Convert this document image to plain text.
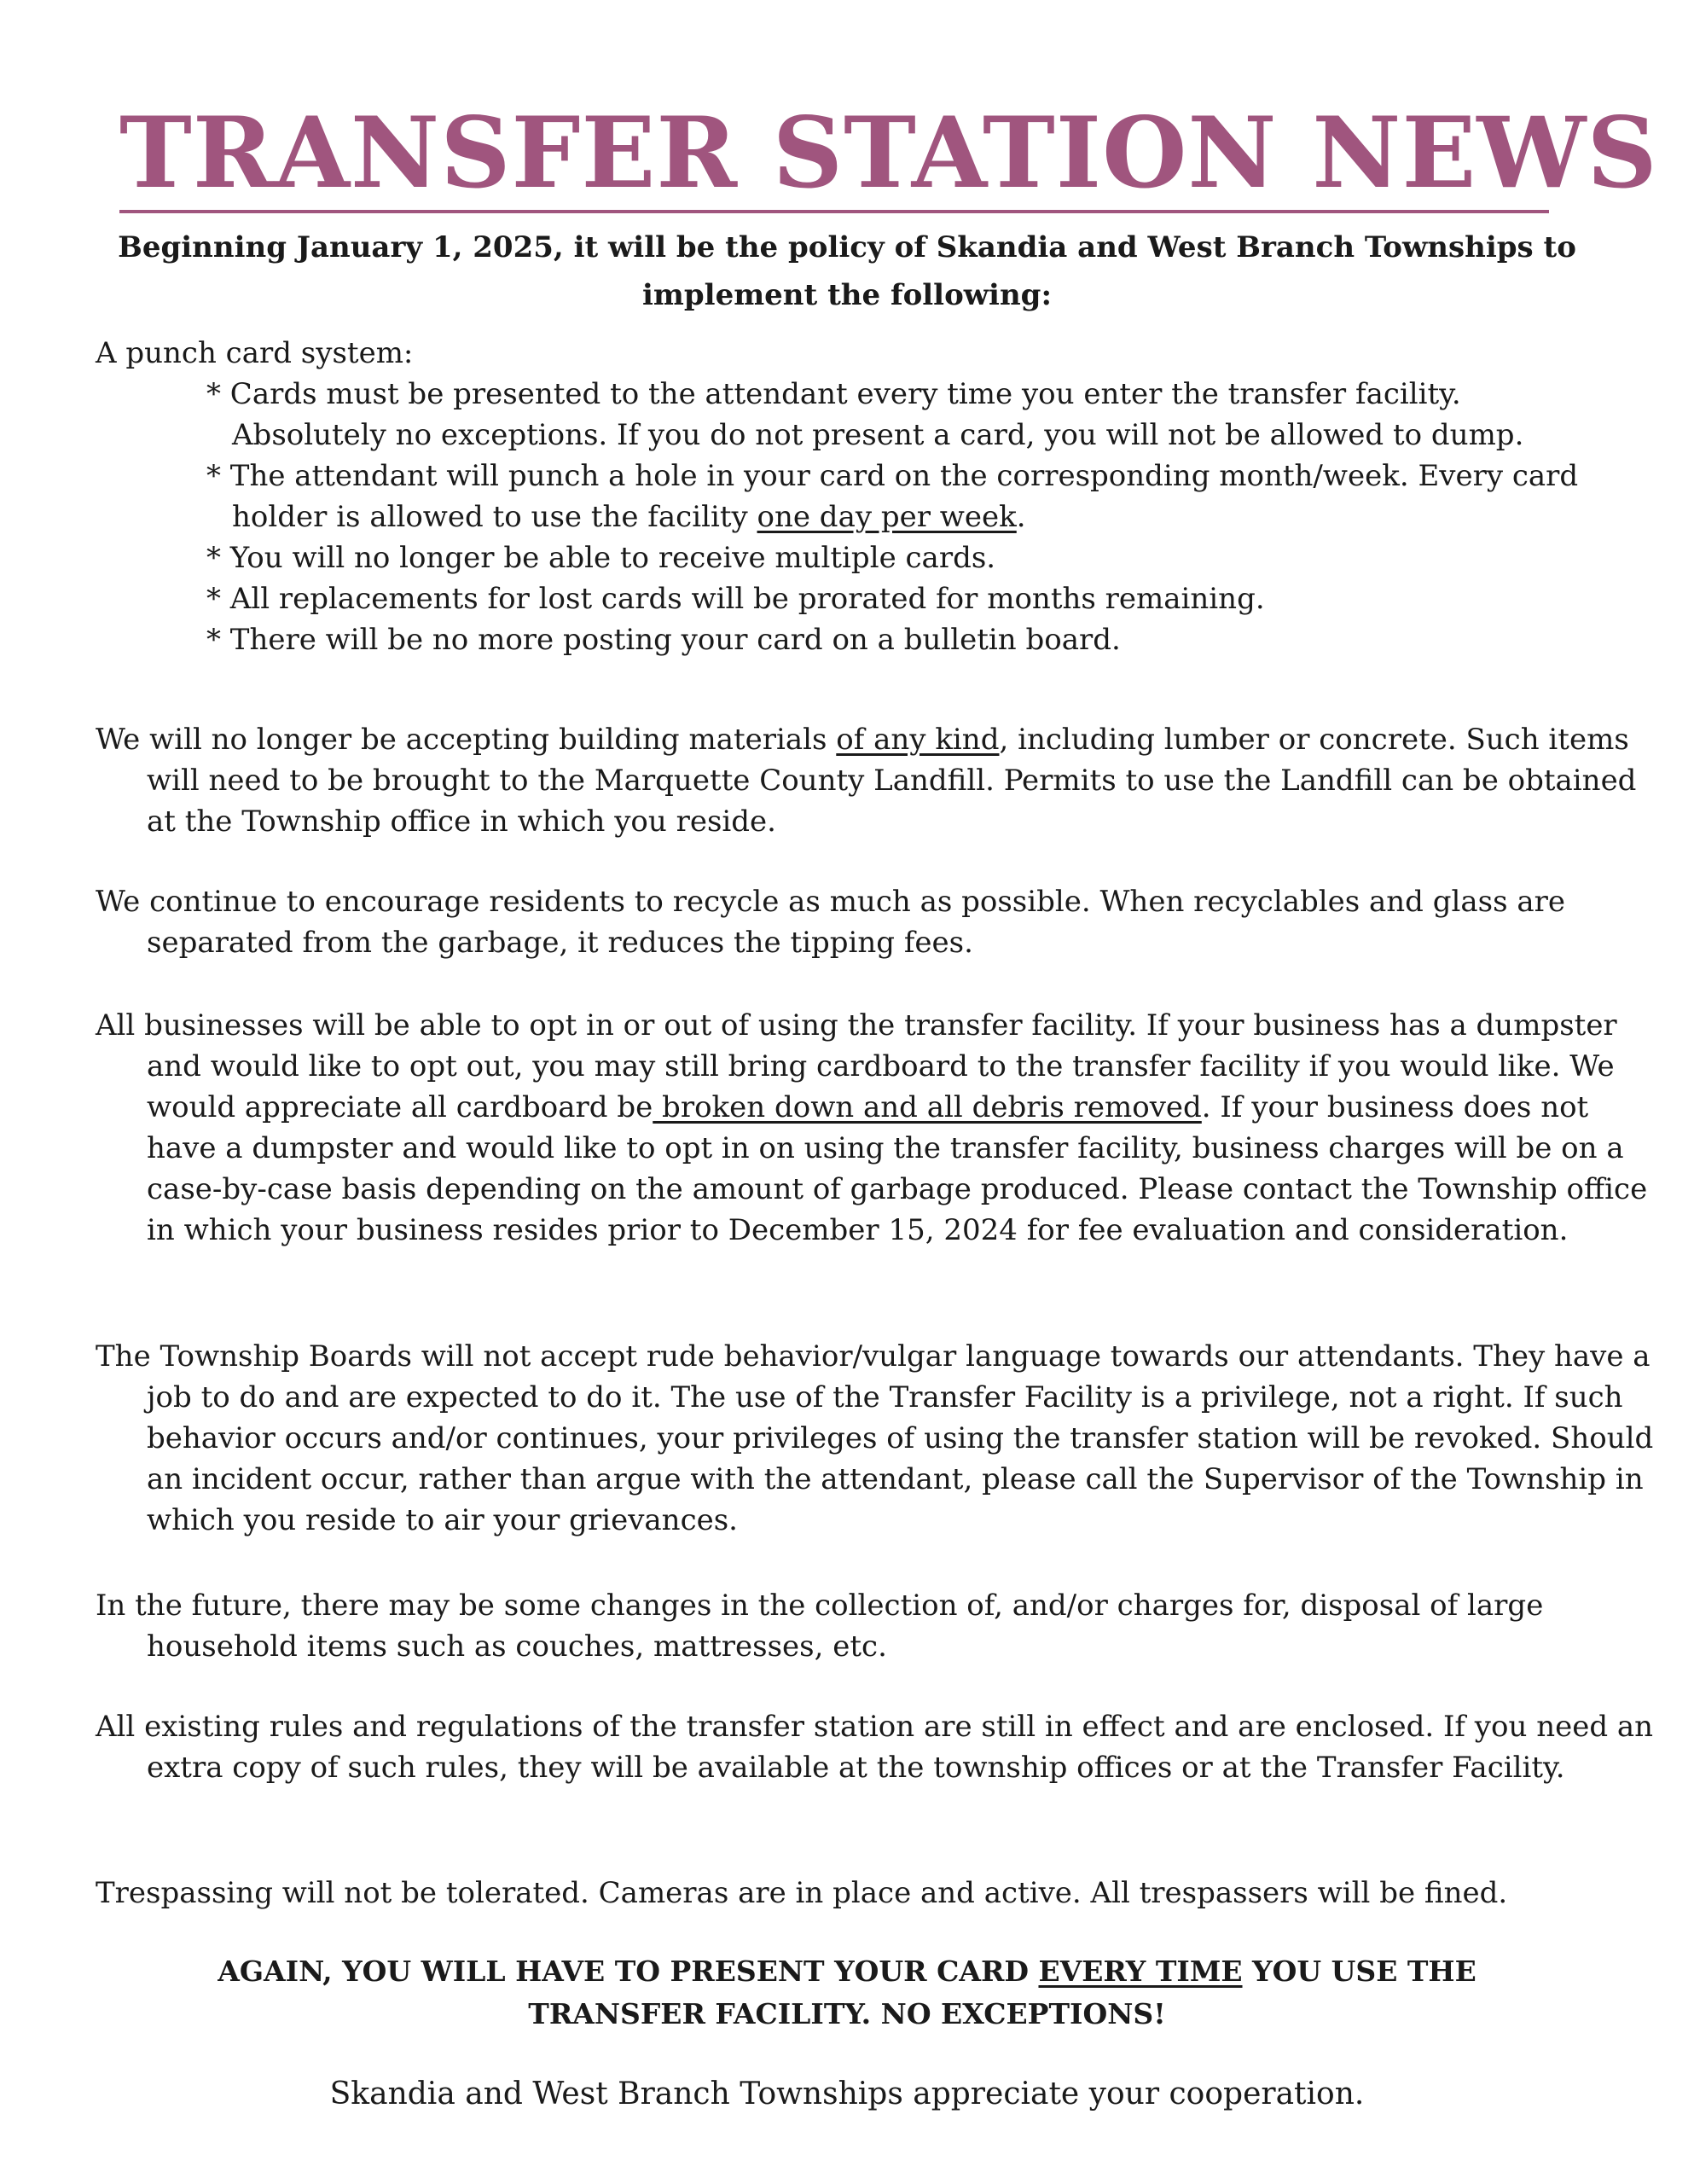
TRANSFER STATION NEWS
Beginning January 1, 2025, it will be the policy of Skandia and West Branch Townships to implement the following:
A punch card system:
* Cards must be presented to the attendant every time you enter the transfer facility. Absolutely no exceptions. If you do not present a card, you will not be allowed to dump.
* The attendant will punch a hole in your card on the corresponding month/week. Every card holder is allowed to use the facility one day per week.
* You will no longer be able to receive multiple cards.
* All replacements for lost cards will be prorated for months remaining.
* There will be no more posting your card on a bulletin board.

We will no longer be accepting building materials of any kind, including lumber or concrete. Such items will need to be brought to the Marquette County Landfill. Permits to use the Landfill can be obtained at the Township office in which you reside.

We continue to encourage residents to recycle as much as possible. When recyclables and glass are separated from the garbage, it reduces the tipping fees.

All businesses will be able to opt in or out of using the transfer facility. If your business has a dumpster and would like to opt out, you may still bring cardboard to the transfer facility if you would like. We would appreciate all cardboard be broken down and all debris removed. If your business does not have a dumpster and would like to opt in on using the transfer facility, business charges will be on a case-by-case basis depending on the amount of garbage produced. Please contact the Township office in which your business resides prior to December 15, 2024 for fee evaluation and consideration.

The Township Boards will not accept rude behavior/vulgar language towards our attendants. They have a job to do and are expected to do it. The use of the Transfer Facility is a privilege, not a right. If such behavior occurs and/or continues, your privileges of using the transfer station will be revoked. Should an incident occur, rather than argue with the attendant, please call the Supervisor of the Township in which you reside to air your grievances.

In the future, there may be some changes in the collection of, and/or charges for, disposal of large household items such as couches, mattresses, etc.

All existing rules and regulations of the transfer station are still in effect and are enclosed. If you need an extra copy of such rules, they will be available at the township offices or at the Transfer Facility.

Trespassing will not be tolerated. Cameras are in place and active. All trespassers will be fined.

AGAIN, YOU WILL HAVE TO PRESENT YOUR CARD EVERY TIME YOU USE THE TRANSFER FACILITY. NO EXCEPTIONS!
Skandia and West Branch Townships appreciate your cooperation.
